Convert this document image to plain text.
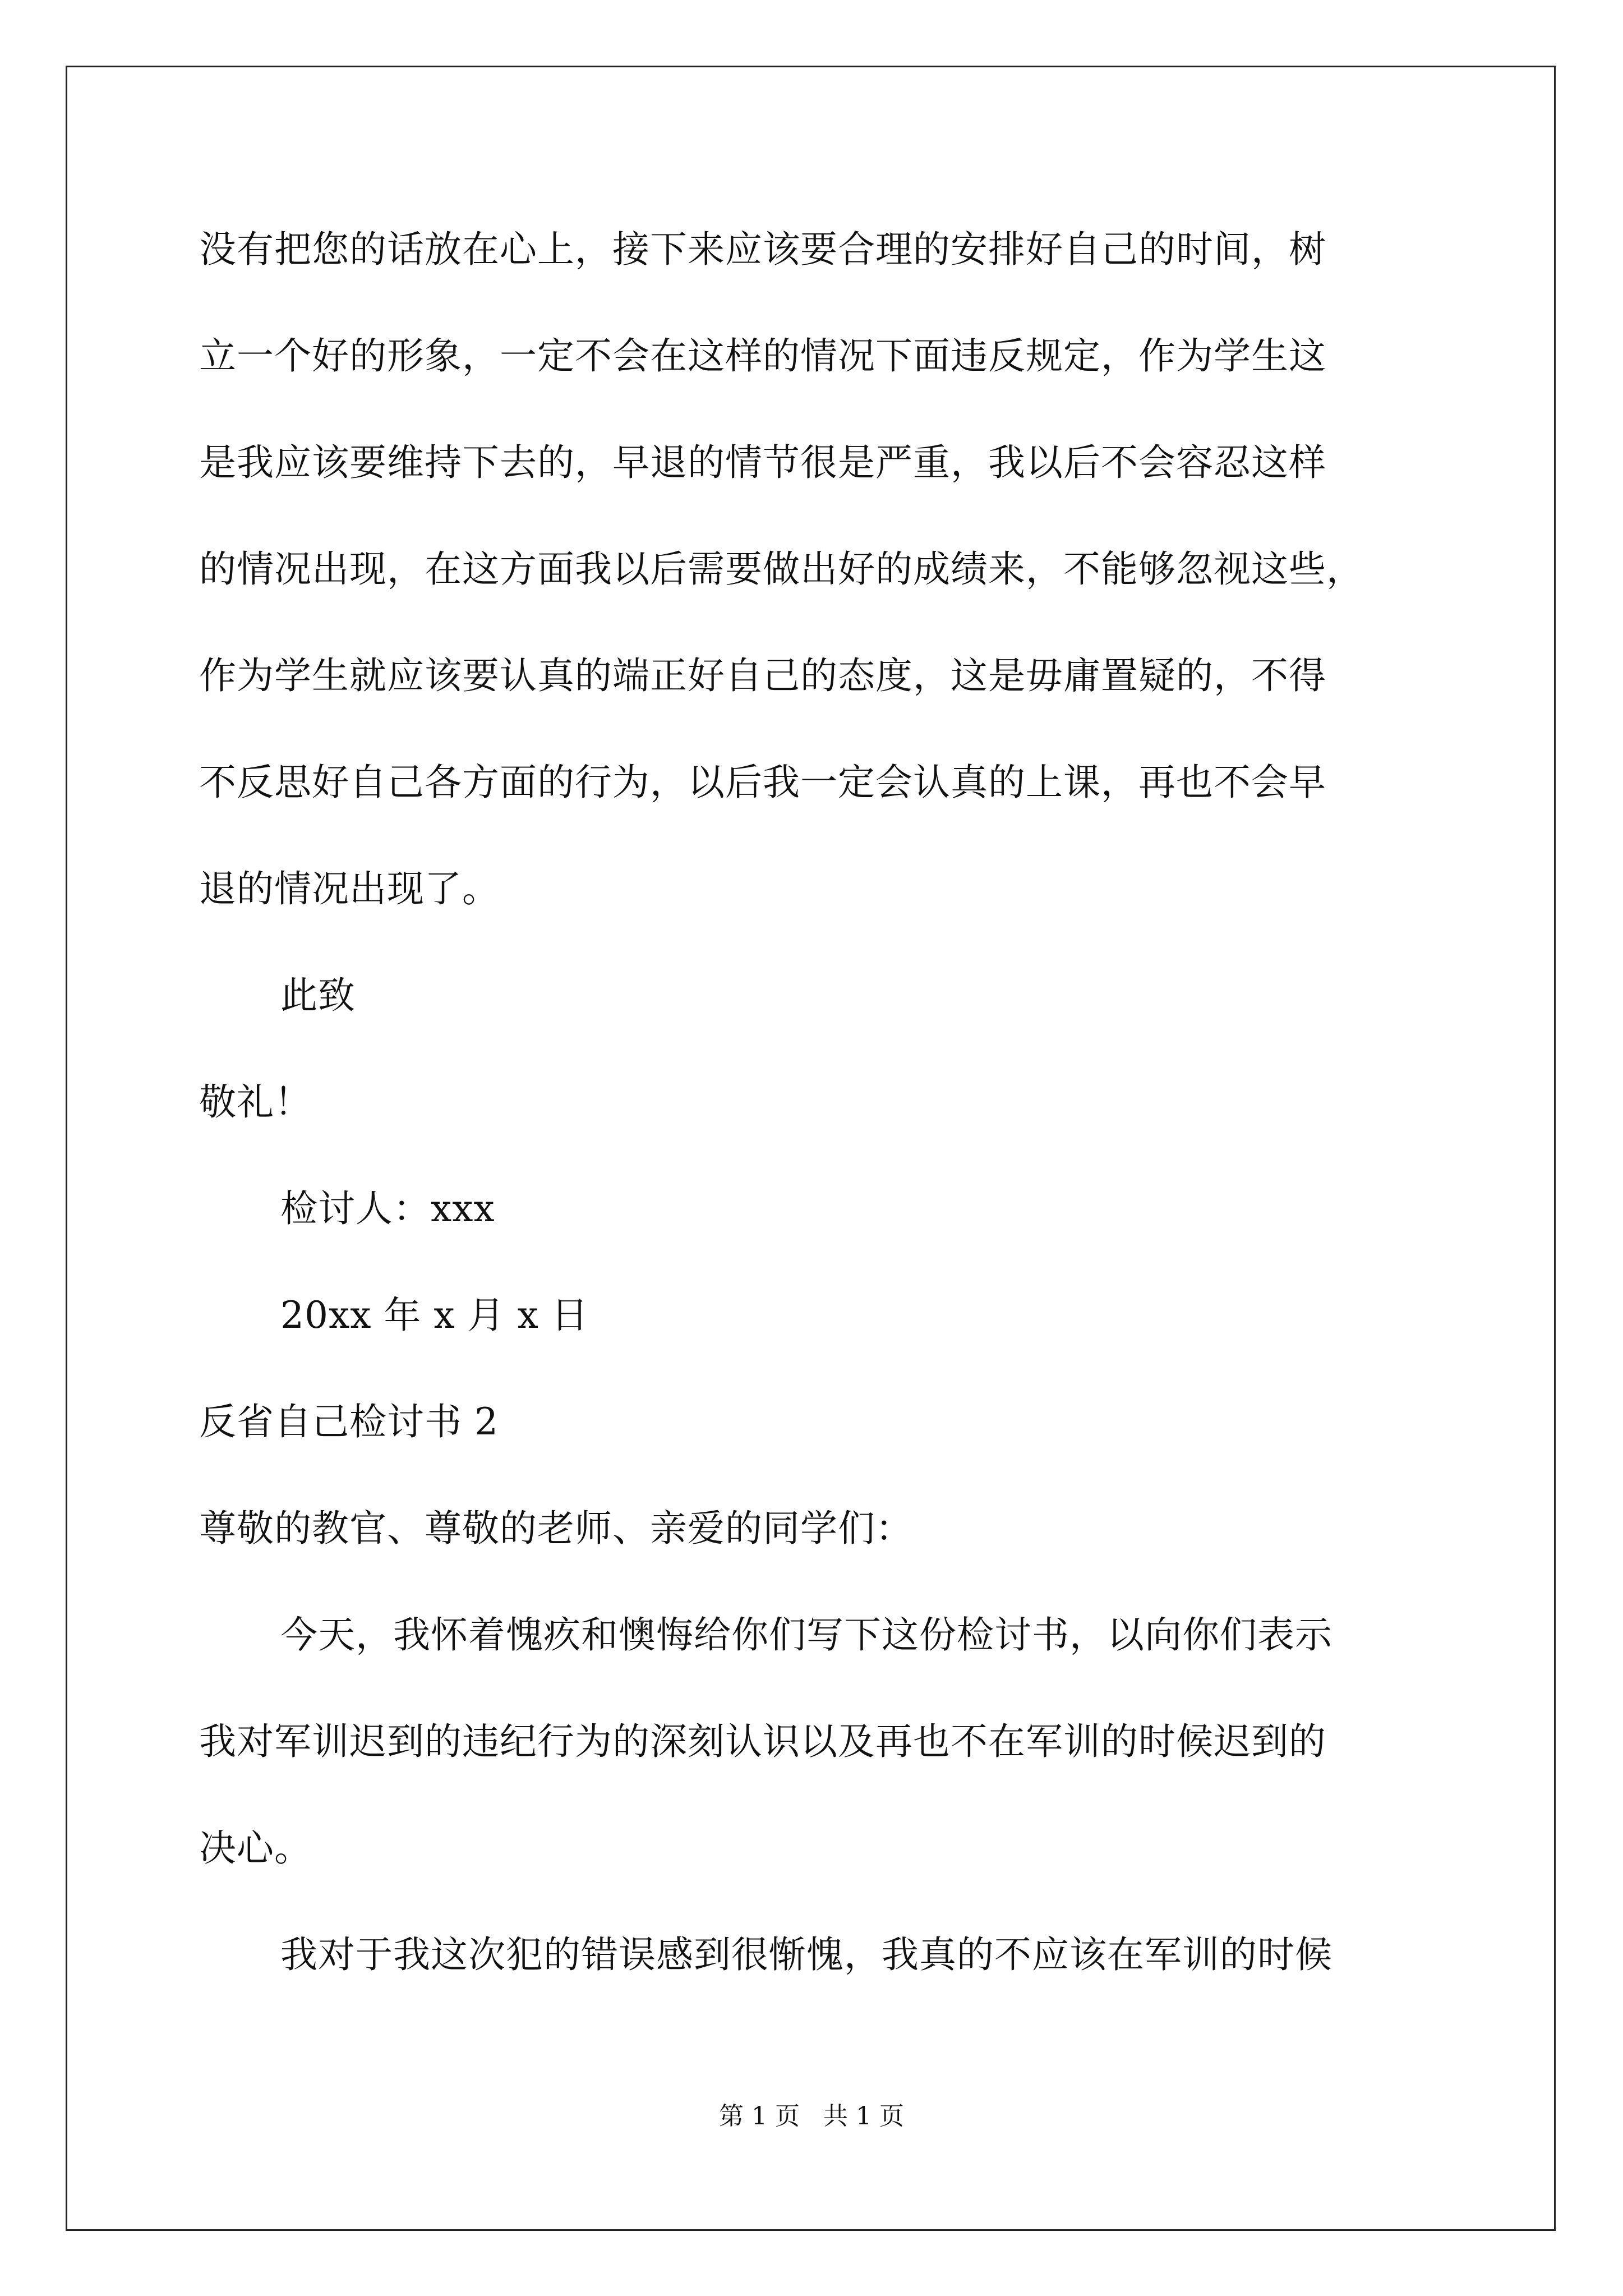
没有把您的话放在心上，接下来应该要合理的安排好自己的时间，树
立一个好的形象，一定不会在这样的情况下面违反规定，作为学生这
是我应该要维持下去的，早退的情节很是严重，我以后不会容忍这样
的情况出现，在这方面我以后需要做出好的成绩来，不能够忽视这些，
作为学生就应该要认真的端正好自己的态度，这是毋庸置疑的，不得
不反思好自己各方面的行为，以后我一定会认真的上课，再也不会早
退的情况出现了。
此致
敬礼！
检讨人：xxx
20xx 年 x 月 x 日
反省自己检讨书 2
尊敬的教官、尊敬的老师、亲爱的同学们：
今天，我怀着愧疚和懊悔给你们写下这份检讨书，以向你们表示
我对军训迟到的违纪行为的深刻认识以及再也不在军训的时候迟到的
决心。
我对于我这次犯的错误感到很惭愧，我真的不应该在军训的时候
第 1 页   共 1 页
